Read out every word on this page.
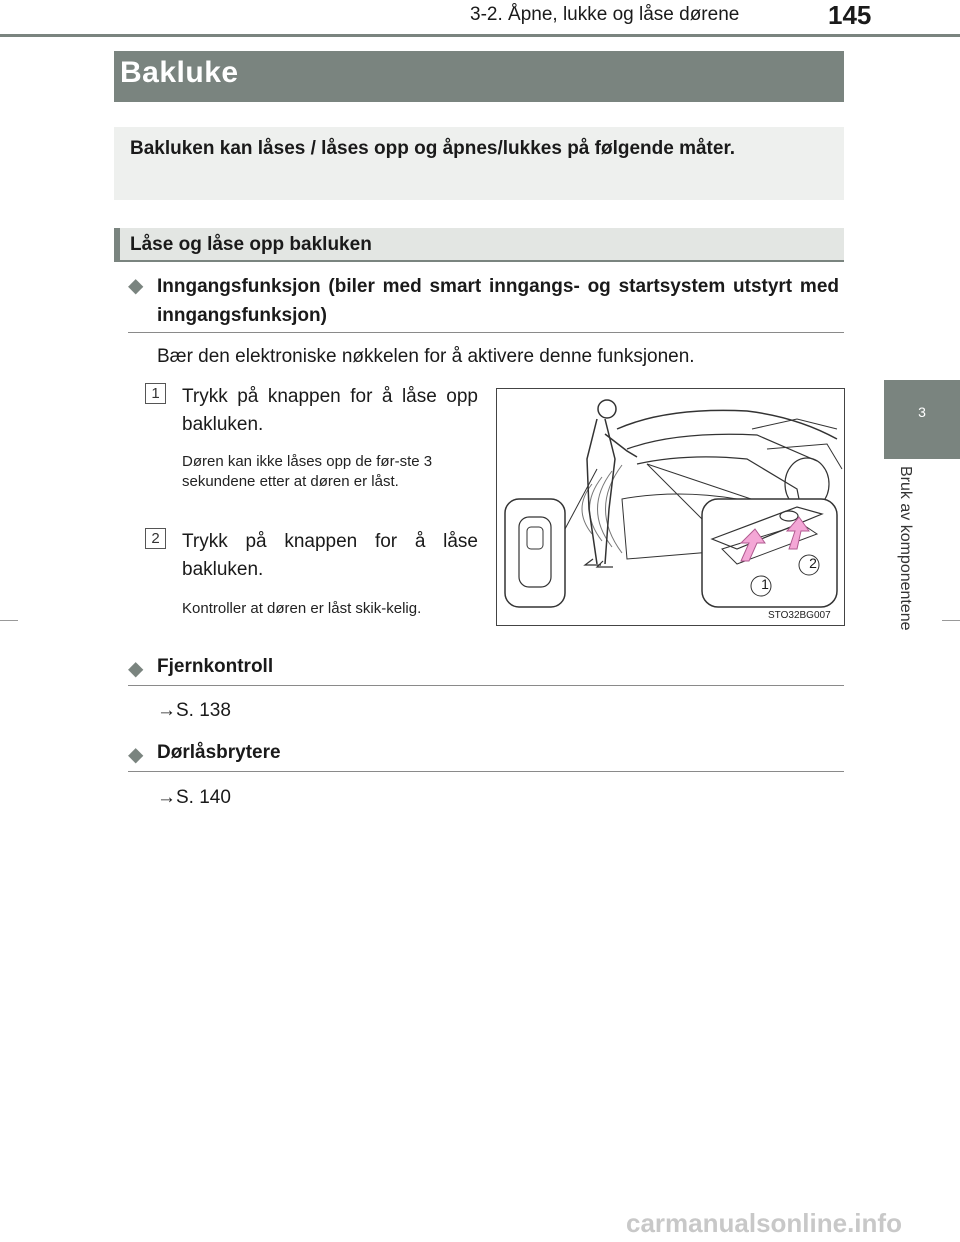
3-2. Åpne, lukke og låse dørene	145
3
Bruk av komponentene
Bakluke
Bakluken kan låses / låses opp og åpnes/lukkes på følgende måter.
Låse og låse opp bakluken
◆ Inngangsfunksjon (biler med smart inngangs- og startsystem utstyrt med inngangsfunksjon)
Bær den elektroniske nøkkelen for å aktivere denne funksjonen.
1	Trykk på knappen for å låse opp bakluken.
Døren kan ikke låses opp de før-ste 3 sekundene etter at døren er låst.
2	Trykk på knappen for å låse bakluken.
Kontroller at døren er låst skik-kelig.
1
2
STO32BG007
◆ Fjernkontroll
→S. 138
◆ Dørlåsbrytere
→S. 140
carmanualsonline.info
